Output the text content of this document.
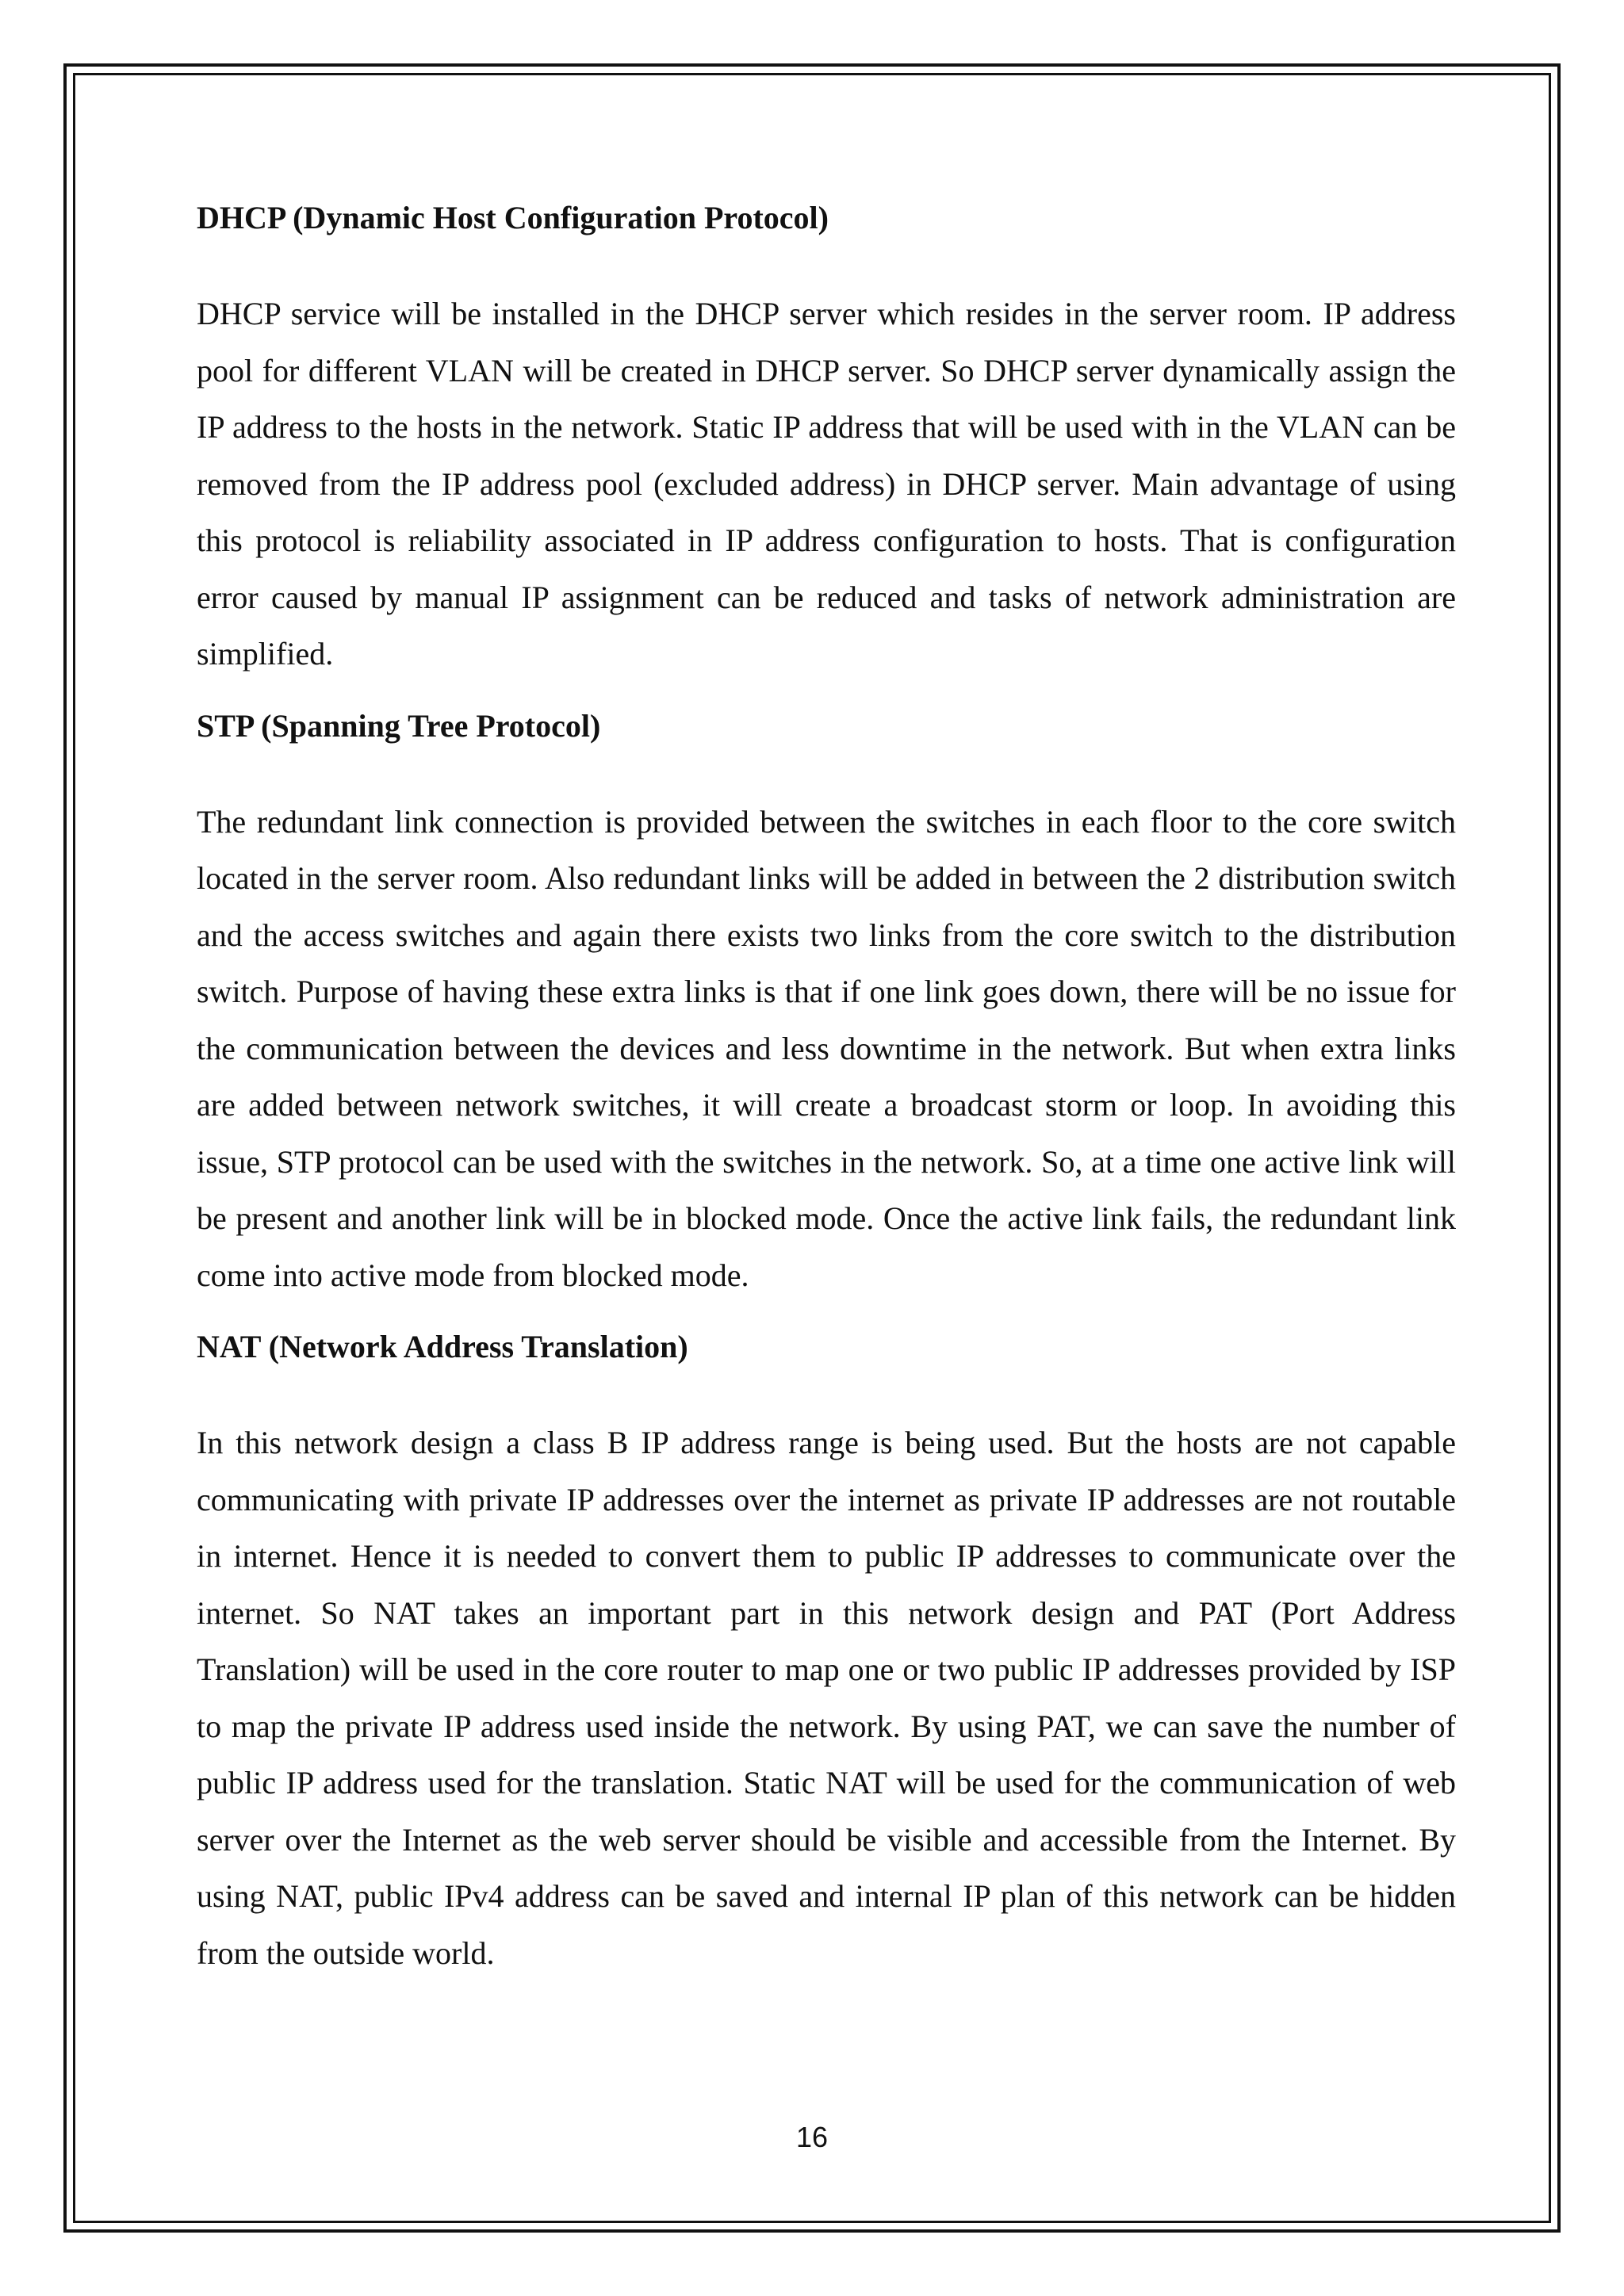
DHCP (Dynamic Host Configuration Protocol)

DHCP service will be installed in the DHCP server which resides in the server room. IP address pool for different VLAN will be created in DHCP server. So DHCP server dynamically assign the IP address to the hosts in the network. Static IP address that will be used with in the VLAN can be removed from the IP address pool (excluded address) in DHCP server. Main advantage of using this protocol is reliability associated in IP address configuration to hosts. That is configuration error caused by manual IP assignment can be reduced and tasks of network administration are simplified.

STP (Spanning Tree Protocol)

The redundant link connection is provided between the switches in each floor to the core switch located in the server room. Also redundant links will be added in between the 2 distribution switch and the access switches and again there exists two links from the core switch to the distribution switch. Purpose of having these extra links is that if one link goes down, there will be no issue for the communication between the devices and less downtime in the network. But when extra links are added between network switches, it will create a broadcast storm or loop. In avoiding this issue, STP protocol can be used with the switches in the network. So, at a time one active link will be present and another link will be in blocked mode. Once the active link fails, the redundant link come into active mode from blocked mode.

NAT (Network Address Translation)

In this network design a class B IP address range is being used. But the hosts are not capable communicating with private IP addresses over the internet as private IP addresses are not routable in internet. Hence it is needed to convert them to public IP addresses to communicate over the internet. So NAT takes an important part in this network design and PAT (Port Address Translation) will be used in the core router to map one or two public IP addresses provided by ISP to map the private IP address used inside the network. By using PAT, we can save the number of public IP address used for the translation. Static NAT will be used for the communication of web server over the Internet as the web server should be visible and accessible from the Internet. By using NAT, public IPv4 address can be saved and internal IP plan of this network can be hidden from the outside world.

16
